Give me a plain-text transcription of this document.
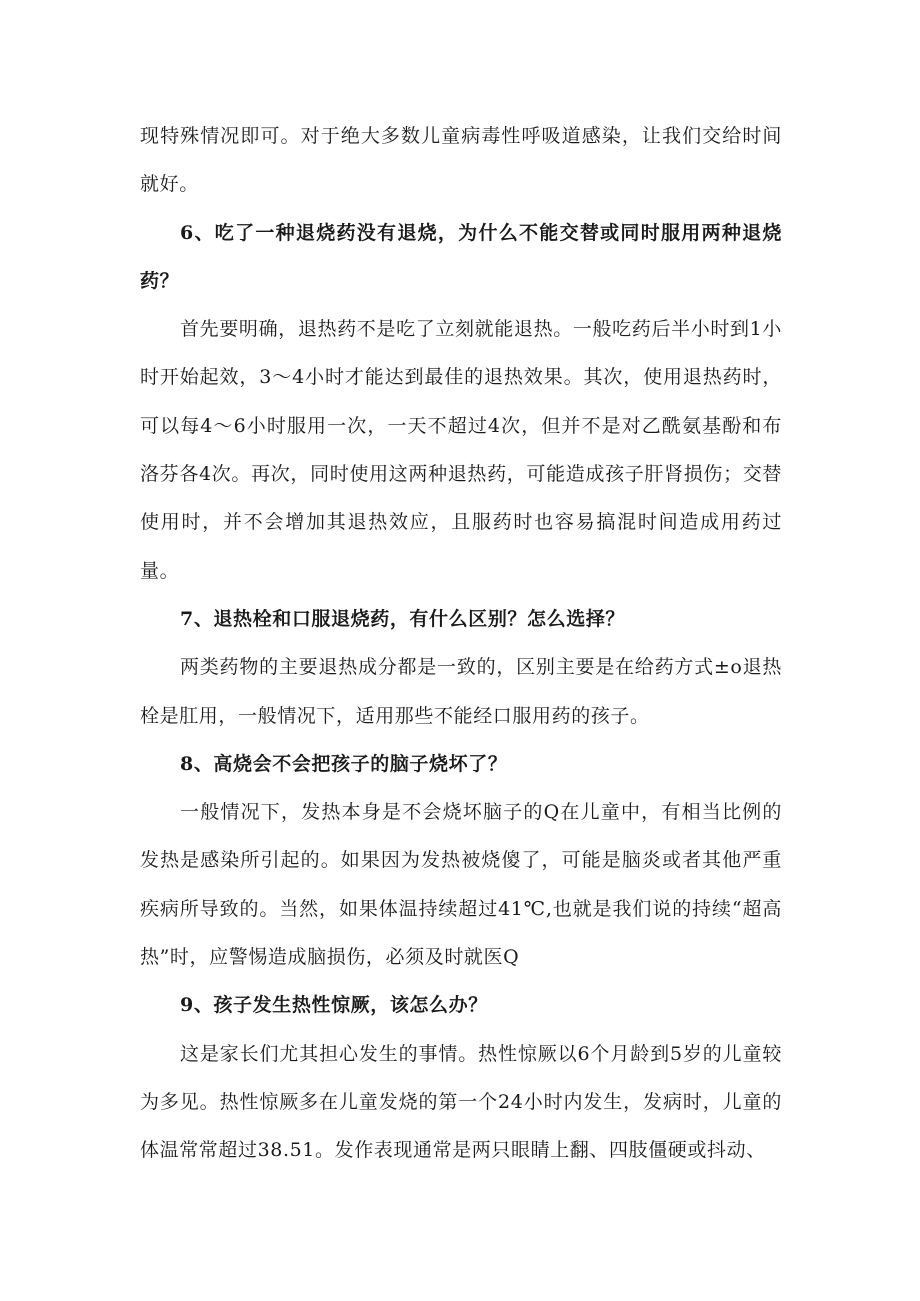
现特殊情况即可。对于绝大多数儿童病毒性呼吸道感染，让我们交给时间就好。

6、吃了一种退烧药没有退烧，为什么不能交替或同时服用两种退烧药？

首先要明确，退热药不是吃了立刻就能退热。一般吃药后半小时到1小时开始起效，3～4小时才能达到最佳的退热效果。其次，使用退热药时，可以每4～6小时服用一次，一天不超过4次，但并不是对乙酰氨基酚和布洛芬各4次。再次，同时使用这两种退热药，可能造成孩子肝肾损伤；交替使用时，并不会增加其退热效应，且服药时也容易搞混时间造成用药过量。

7、退热栓和口服退烧药，有什么区别？怎么选择？

两类药物的主要退热成分都是一致的，区别主要是在给药方式±o退热栓是肛用，一般情况下，适用那些不能经口服用药的孩子。

8、高烧会不会把孩子的脑子烧坏了？

一般情况下，发热本身是不会烧坏脑子的Q在儿童中，有相当比例的发热是感染所引起的。如果因为发热被烧傻了，可能是脑炎或者其他严重疾病所导致的。当然，如果体温持续超过41℃,也就是我们说的持续“超高热”时，应警惕造成脑损伤，必须及时就医Q

9、孩子发生热性惊厥，该怎么办？

这是家长们尤其担心发生的事情。热性惊厥以6个月龄到5岁的儿童较为多见。热性惊厥多在儿童发烧的第一个24小时内发生，发病时，儿童的体温常常超过38.51。发作表现通常是两只眼睛上翻、四肢僵硬或抖动、
